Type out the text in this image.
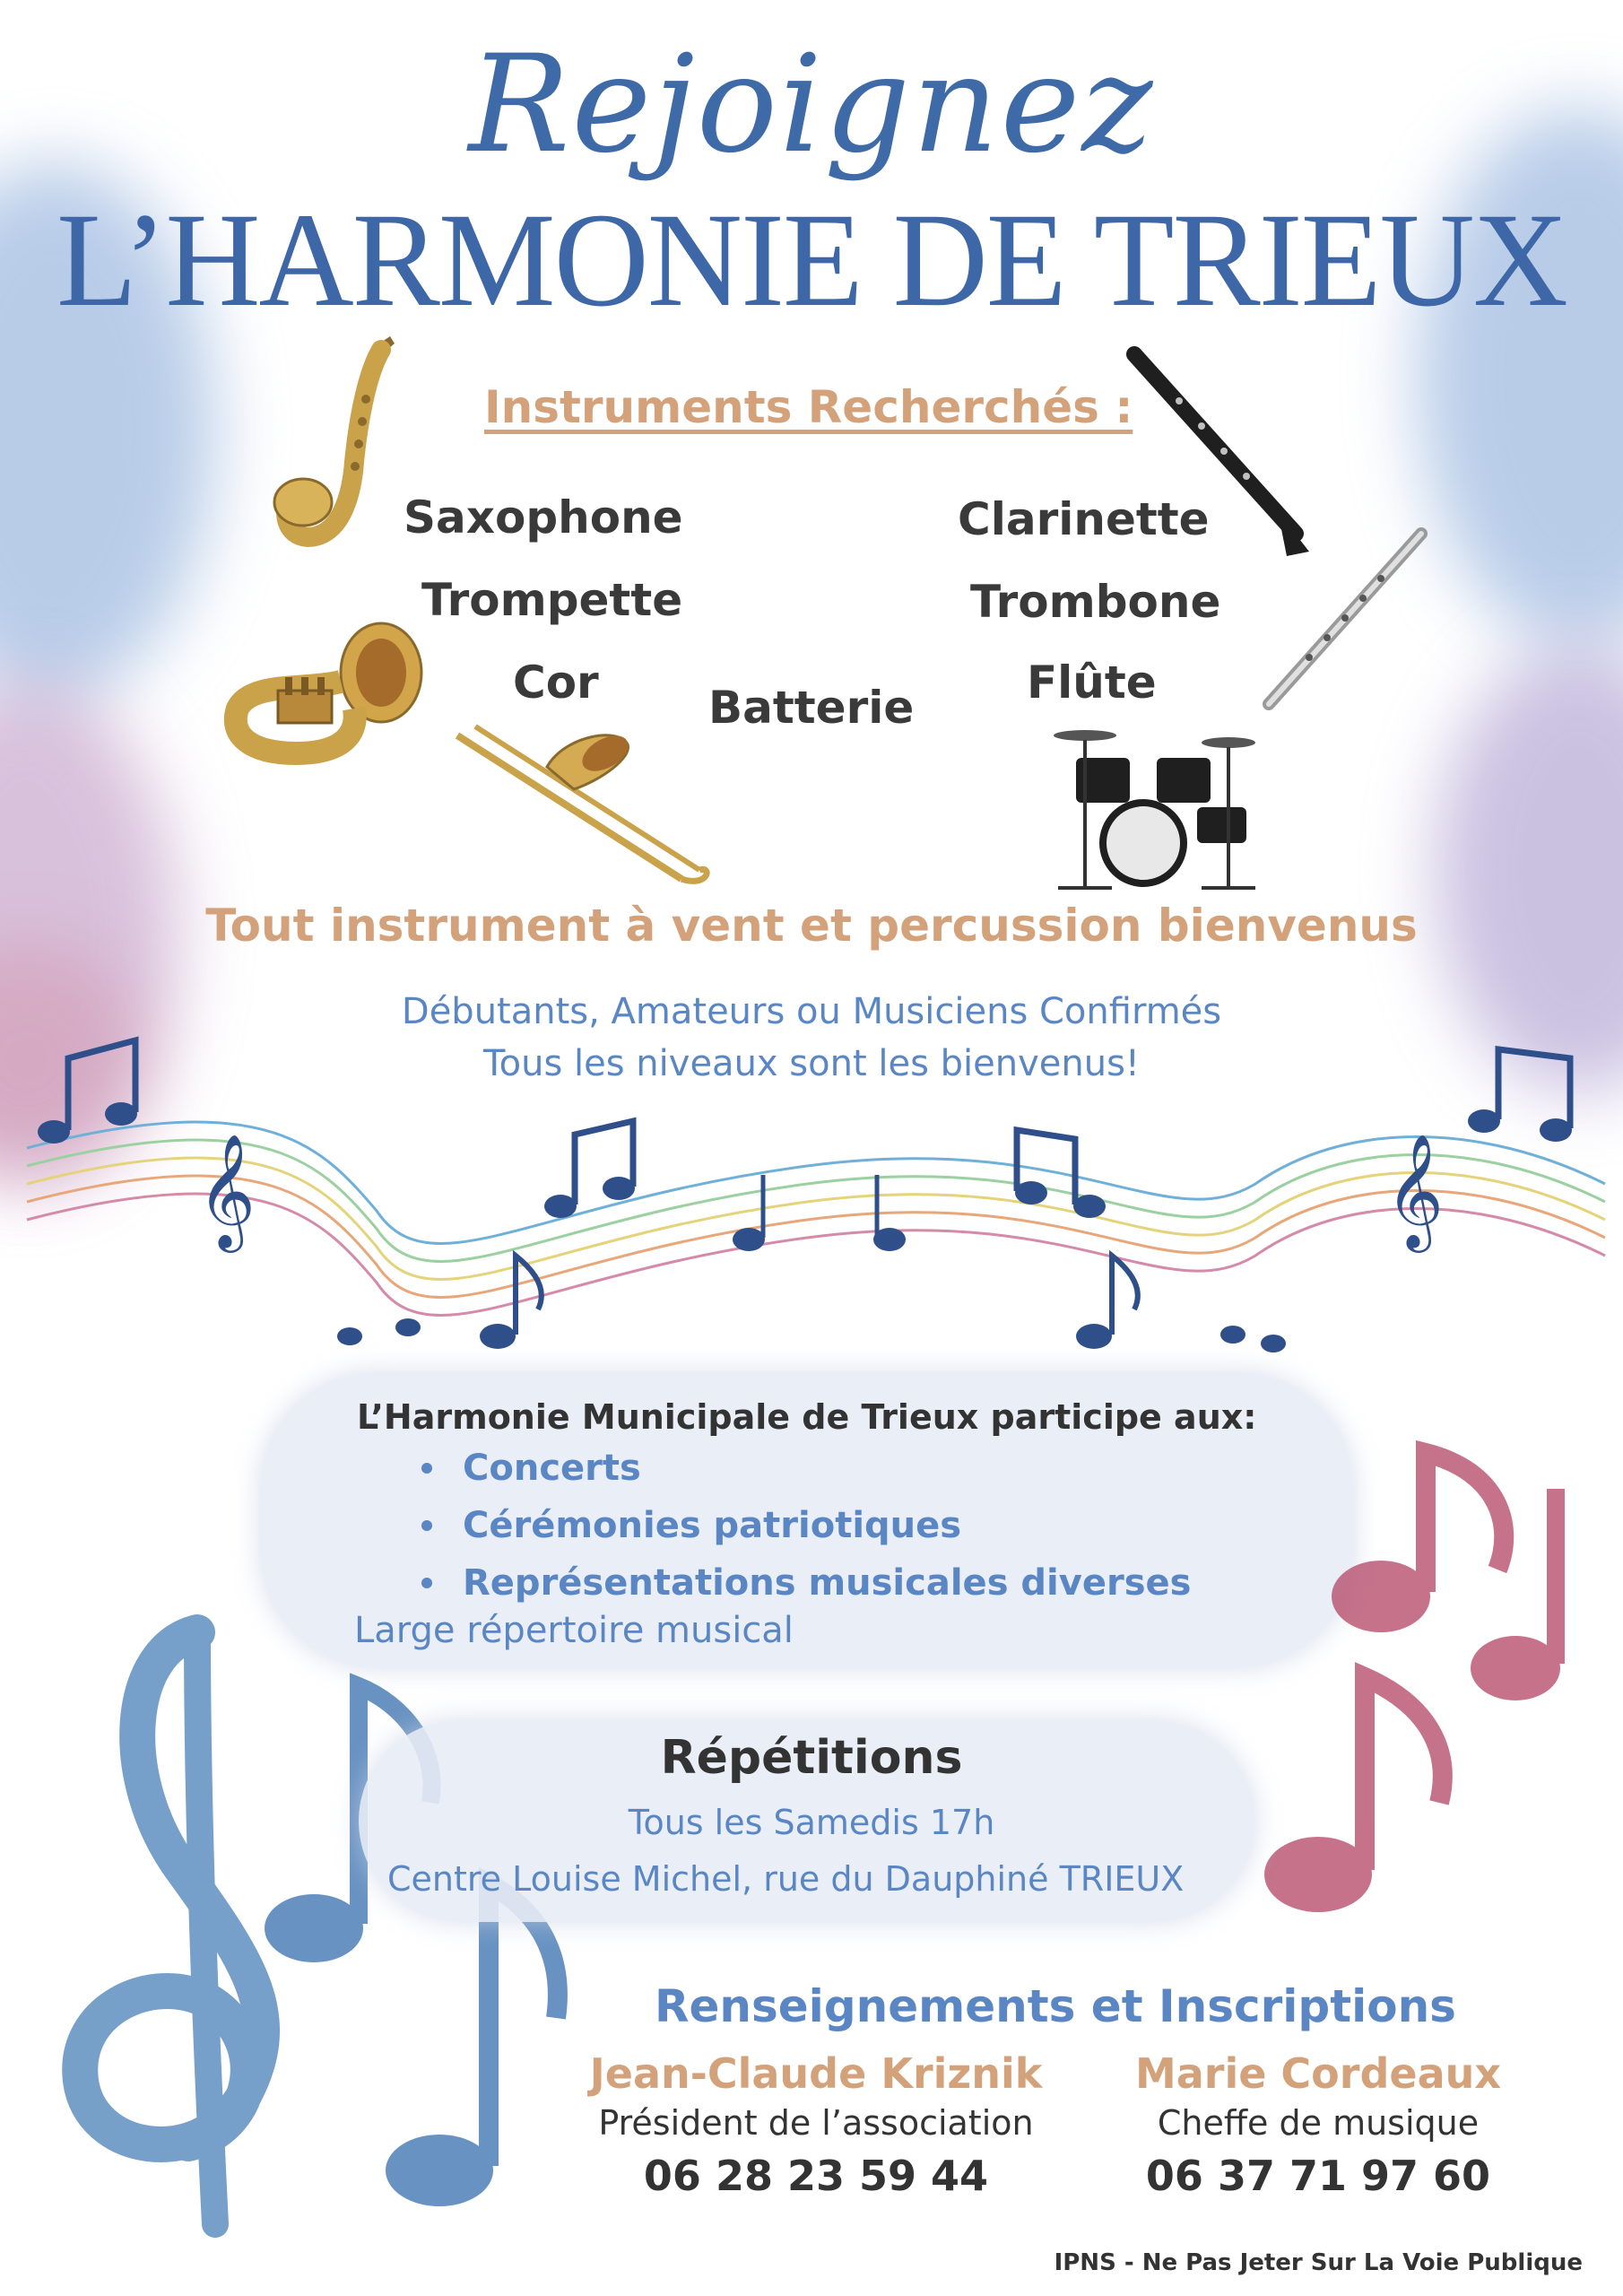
Rejoignez
L’HARMONIE DE TRIEUX
Instruments Recherchés :
Saxophone
Trompette
Cor Batterie
Clarinette
Trombone
Flûte
Tout instrument à vent et percussion bienvenus
Débutants, Amateurs ou Musiciens Confirmés
Tous les niveaux sont les bienvenus!
𝄞	𝄞
L’Harmonie Municipale de Trieux participe aux:
Concerts
Cérémonies patriotiques
Représentations musicales diverses
Large répertoire musical
Répétitions
Tous les Samedis 17h
Centre Louise Michel, rue du Dauphiné TRIEUX
Renseignements et Inscriptions
Jean-Claude Kriznik
Président de l’association
06 28 23 59 44
Marie Cordeaux
Cheffe de musique
06 37 71 97 60
IPNS - Ne Pas Jeter Sur La Voie Publique
